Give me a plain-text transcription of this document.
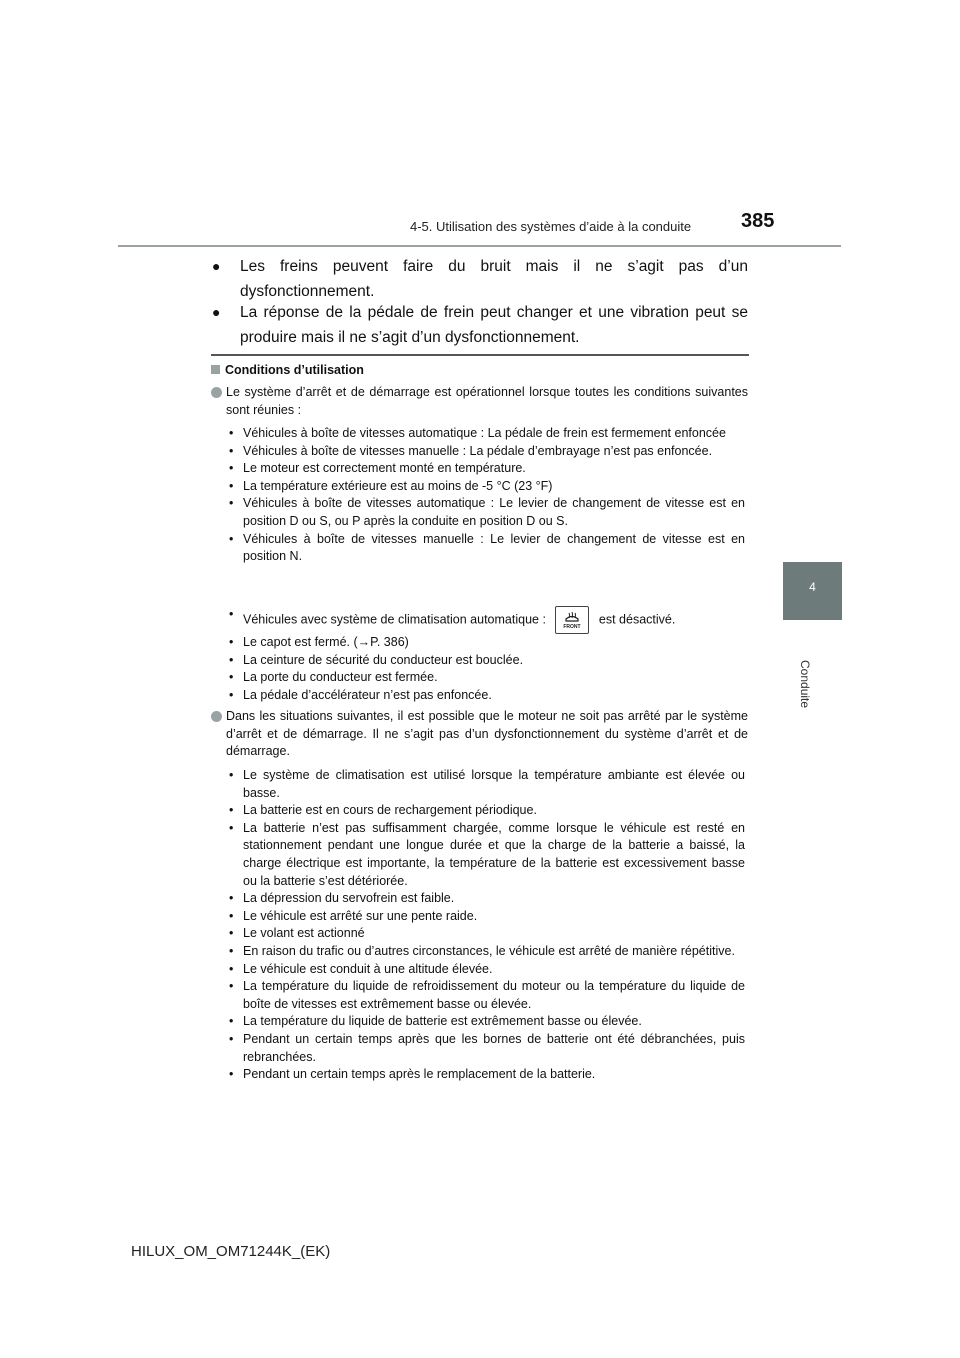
4-5. Utilisation des systèmes d’aide à la conduite 385
4
Conduite
●	Les freins peuvent faire du bruit mais il ne s’agit pas d’un dysfonctionnement.
●	La réponse de la pédale de frein peut changer et une vibration peut se produire mais il ne s’agit d’un dysfonctionnement.
Conditions d’utilisation
Le système d’arrêt et de démarrage est opérationnel lorsque toutes les conditions suivantes sont réunies :
• Véhicules à boîte de vitesses automatique : La pédale de frein est fermement enfoncée
• Véhicules à boîte de vitesses manuelle : La pédale d’embrayage n’est pas enfoncée.
• Le moteur est correctement monté en température.
• La température extérieure est au moins de -5 °C (23 °F)
• Véhicules à boîte de vitesses automatique : Le levier de changement de vitesse est en position D ou S, ou P après la conduite en position D ou S.
• Véhicules à boîte de vitesses manuelle : Le levier de changement de vitesse est en position N.
• Véhicules avec système de climatisation automatique :
FRONT
est désactivé.
• Le capot est fermé. (→P. 386)
• La ceinture de sécurité du conducteur est bouclée.
• La porte du conducteur est fermée.
• La pédale d’accélérateur n’est pas enfoncée.
Dans les situations suivantes, il est possible que le moteur ne soit pas arrêté par le système d’arrêt et de démarrage. Il ne s’agit pas d’un dysfonctionnement du système d’arrêt et de démarrage.
• Le système de climatisation est utilisé lorsque la température ambiante est élevée ou basse.
• La batterie est en cours de rechargement périodique.
• La batterie n’est pas suffisamment chargée, comme lorsque le véhicule est resté en stationnement pendant une longue durée et que la charge de la batterie a baissé, la charge électrique est importante, la température de la batterie est excessivement basse ou la batterie s’est détériorée.
• La dépression du servofrein est faible.
• Le véhicule est arrêté sur une pente raide.
• Le volant est actionné
• En raison du trafic ou d’autres circonstances, le véhicule est arrêté de manière répétitive.
• Le véhicule est conduit à une altitude élevée.
• La température du liquide de refroidissement du moteur ou la température du liquide de boîte de vitesses est extrêmement basse ou élevée.
• La température du liquide de batterie est extrêmement basse ou élevée.
• Pendant un certain temps après que les bornes de batterie ont été débranchées, puis rebranchées.
• Pendant un certain temps après le remplacement de la batterie.
HILUX_OM_OM71244K_(EK)
